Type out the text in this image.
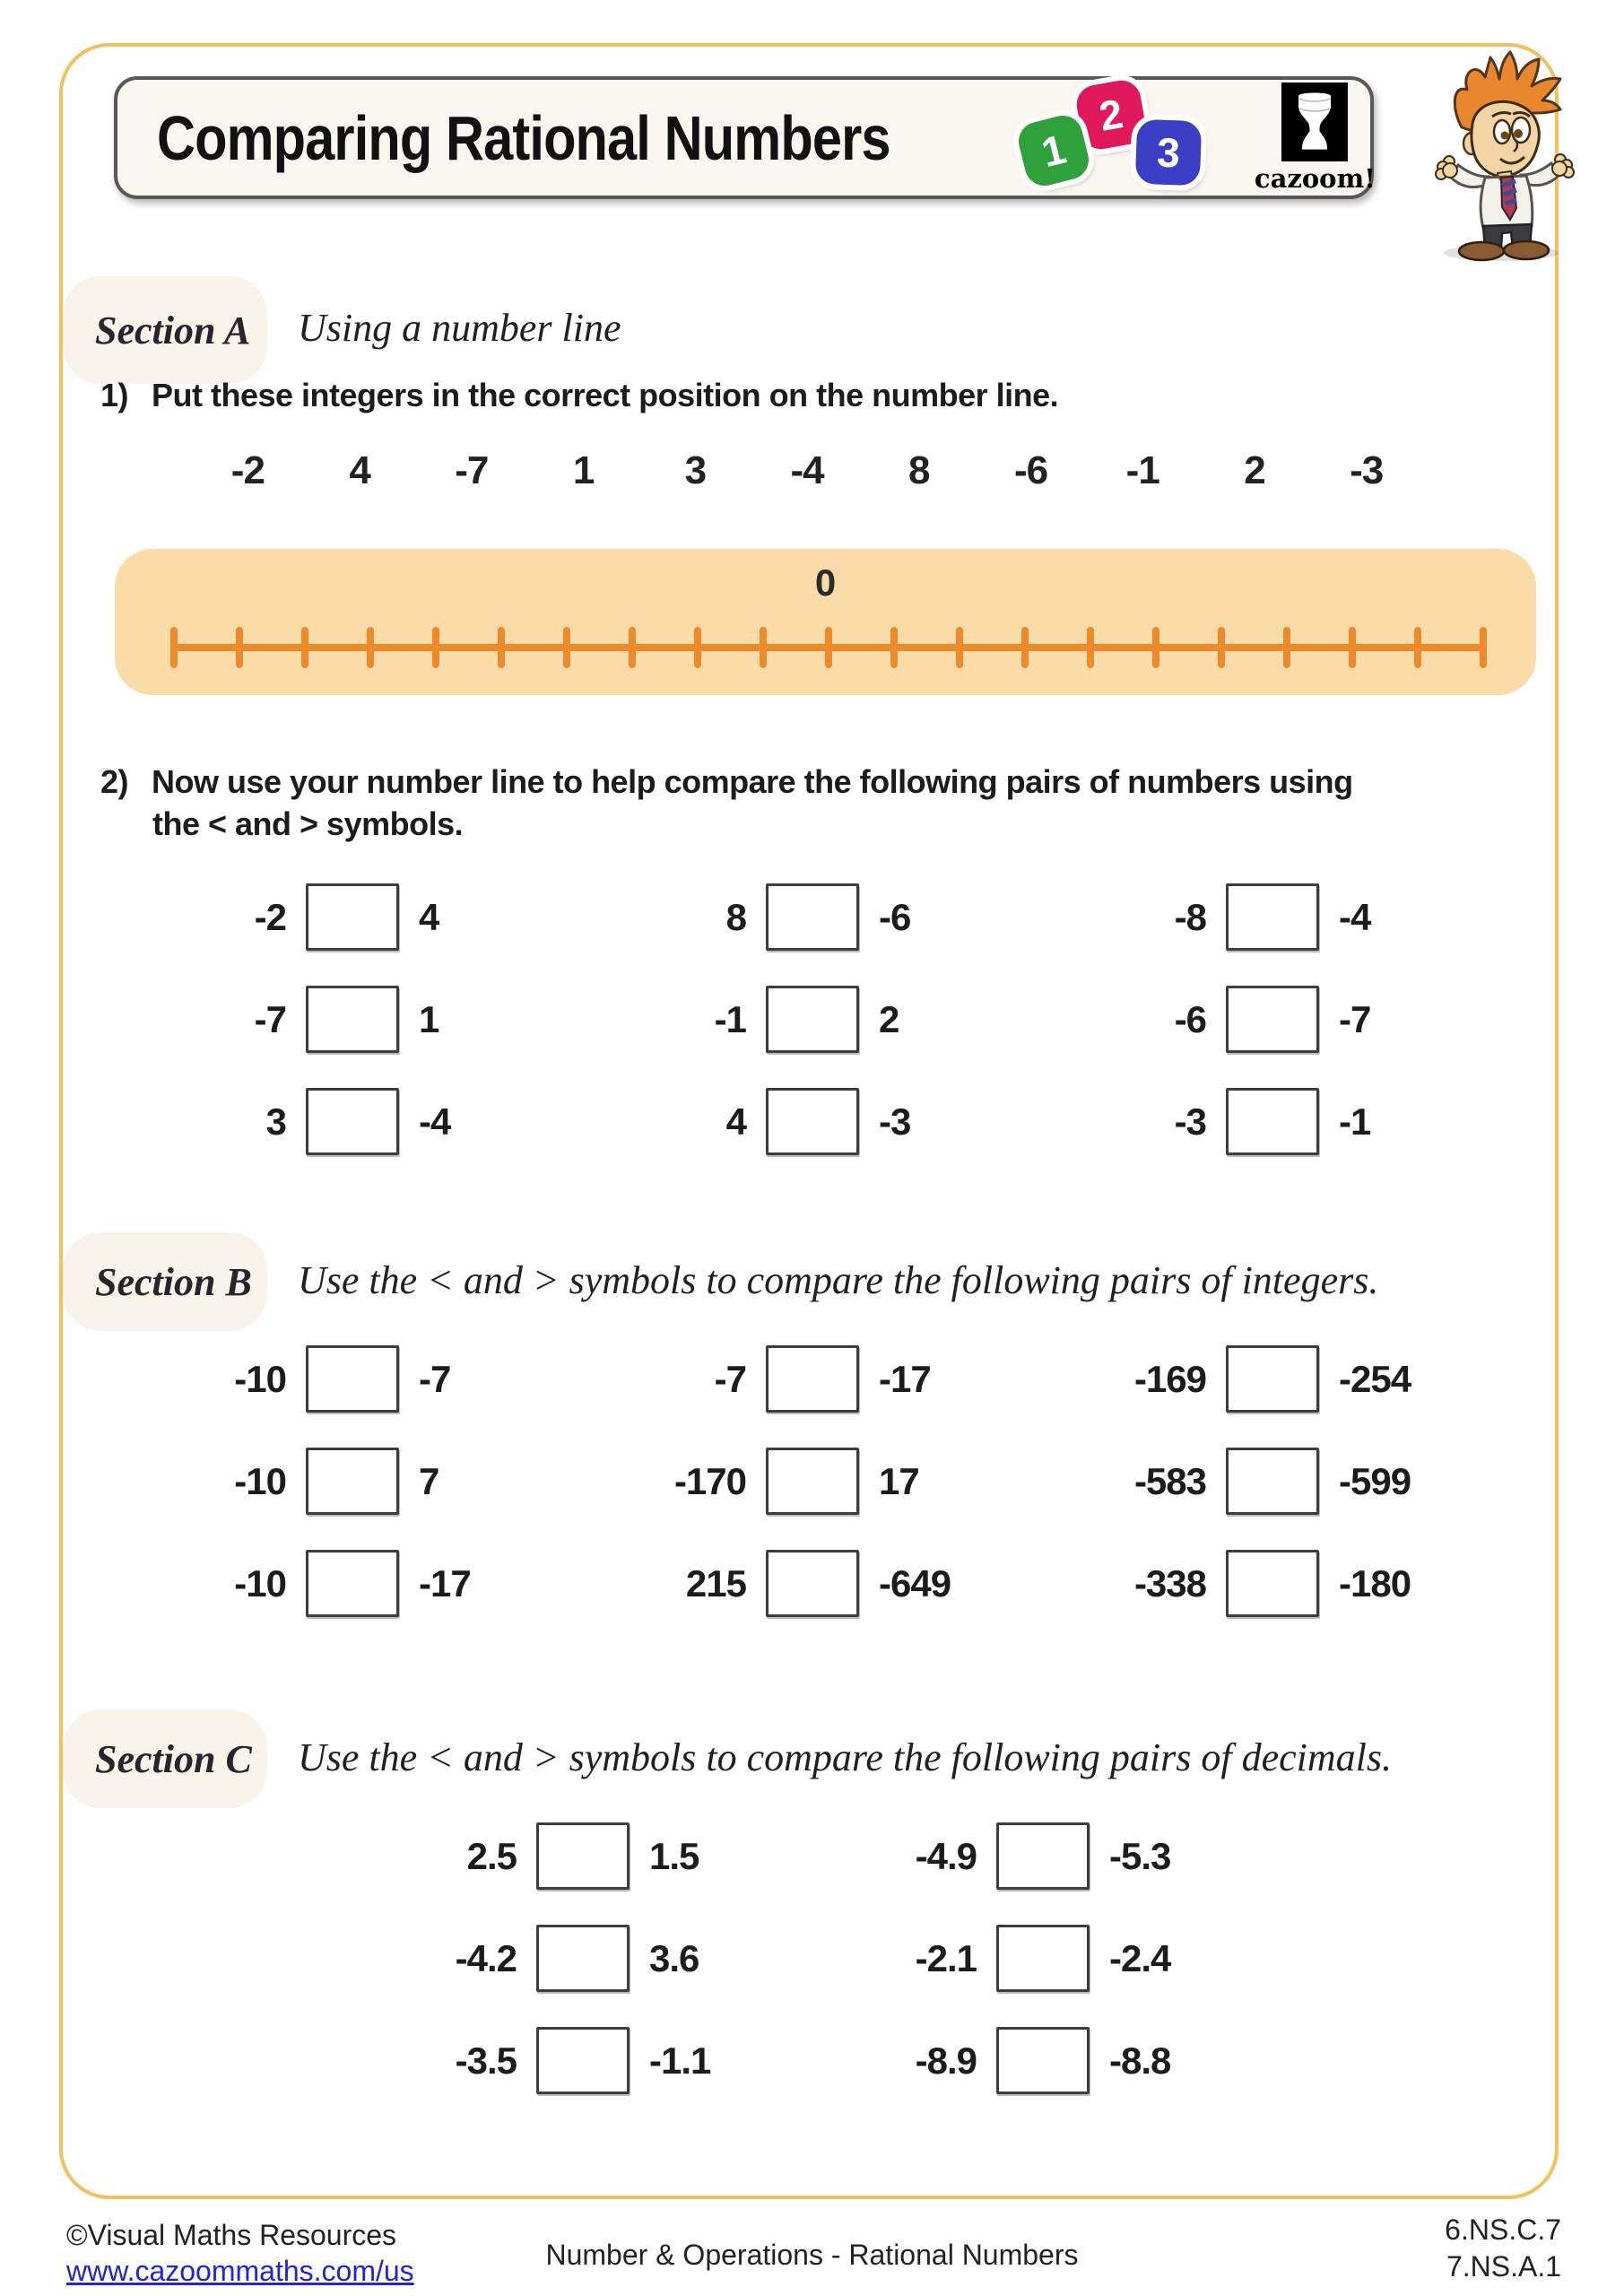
Comparing Rational Numbers	2
1	3
cazoom!
Section A Using a number line
1) Put these integers in the correct position on the number line.
-2	4	-7	1	3	-4	8	-6	-1	2	-3
0
2) Now use your number line to help compare the following pairs of numbers using
the < and > symbols.
-2	4	8	-6	-8	-4
-7	1	-1	2	-6	-7
3	-4	4	-3	-3	-1
Section B Use the < and > symbols to compare the following pairs of integers.
-10	-7	-7	-17	-169	-254
-10	7	-170	17	-583	-599
-10	-17	215	-649	-338	-180
Section C Use the < and > symbols to compare the following pairs of decimals.
2.5	1.5	-4.9	-5.3
-4.2	3.6	-2.1	-2.4
-3.5	-1.1	-8.9	-8.8
©Visual Maths Resources
www.cazoommaths.com/us	Number & Operations - Rational Numbers
6.NS.C.7
7.NS.A.1
